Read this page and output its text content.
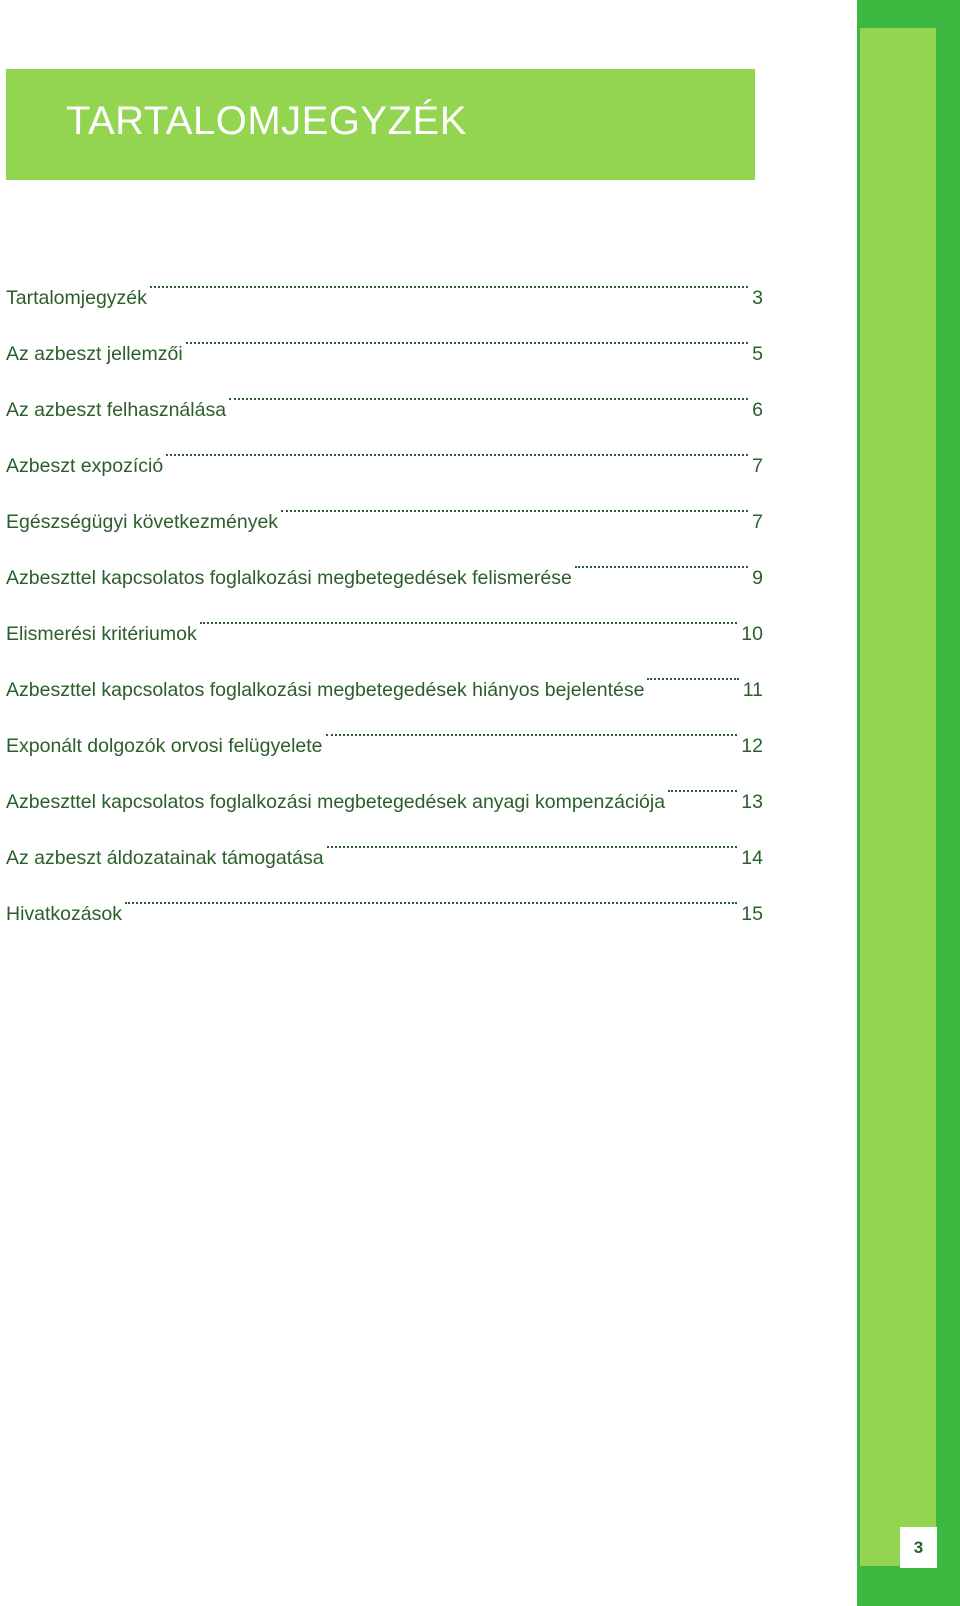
TARTALOMJEGYZÉK
Tartalomjegyzék	3
Az azbeszt jellemzői	5
Az azbeszt felhasználása	6
Azbeszt expozíció	7
Egészségügyi következmények	7
Azbeszttel kapcsolatos foglalkozási megbetegedések felismerése	9
Elismerési kritériumok	10
Azbeszttel kapcsolatos foglalkozási megbetegedések hiányos bejelentése	11
Exponált dolgozók orvosi felügyelete	12
Azbeszttel kapcsolatos foglalkozási megbetegedések anyagi kompenzációja	13
Az azbeszt áldozatainak támogatása	14
Hivatkozások	15
3
